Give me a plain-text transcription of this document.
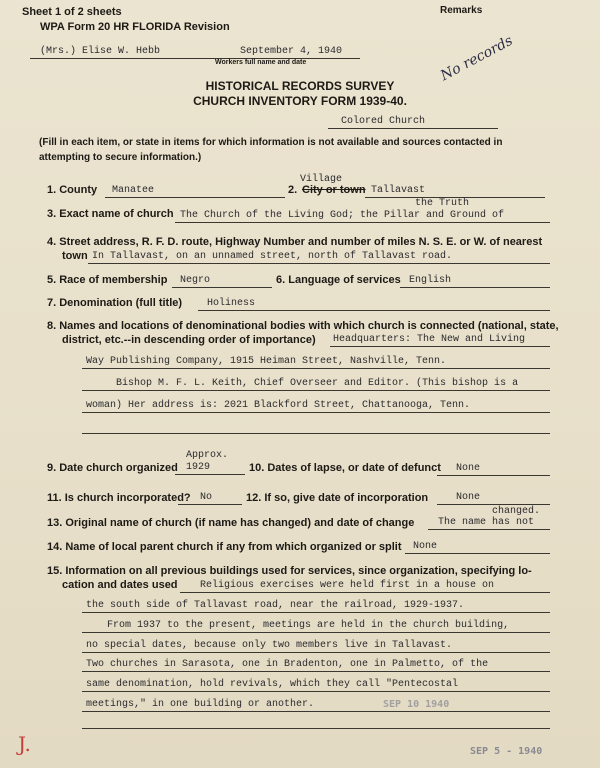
Sheet 1 of 2 sheets	Remarks
WPA Form 20 HR FLORIDA Revision
(Mrs.) Elise W. Hebb	September 4, 1940
Workers full name and date
HISTORICAL RECORDS SURVEY
CHURCH INVENTORY FORM 1939-40.
No records
Colored Church
(Fill in each item, or state in items for which information is not available and sources contacted in
attempting to secure information.)
1. County Manatee
Village
2. City or town Tallavast
the Truth
3. Exact name of church The Church of the Living God; the Pillar and Ground of
4. Street address, R. F. D. route, Highway Number and number of miles N. S. E. or W. of nearest
town In Tallavast, on an unnamed street, north of Tallavast road.
5. Race of membership Negro	6. Language of services English
7. Denomination (full title) Holiness
8. Names and locations of denominational bodies with which church is connected (national, state,
district, etc.--in descending order of importance) Headquarters: The New and Living
Way Publishing Company, 1915 Heiman Street, Nashville, Tenn.
Bishop M. F. L. Keith, Chief Overseer and Editor. (This bishop is a
woman) Her address is: 2021 Blackford Street, Chattanooga, Tenn.
Approx.
9. Date church organized 1929	10. Dates of lapse, or date of defunct None
11. Is church incorporated? No	12. If so, give date of incorporation	None
changed.
13. Original name of church (if name has changed) and date of change The name has not
14. Name of local parent church if any from which organized or split None
15. Information on all previous buildings used for services, since organization, specifying lo-
cation and dates used Religious exercises were held first in a house on
the south side of Tallavast road, near the railroad, 1929-1937.
From 1937 to the present, meetings are held in the church building,
no special dates, because only two members live in Tallavast.
Two churches in Sarasota, one in Bradenton, one in Palmetto, of the
same denomination, hold revivals, which they call "Pentecostal
meetings," in one building or another.	SEP 10 1940
J.	SEP 5 - 1940
